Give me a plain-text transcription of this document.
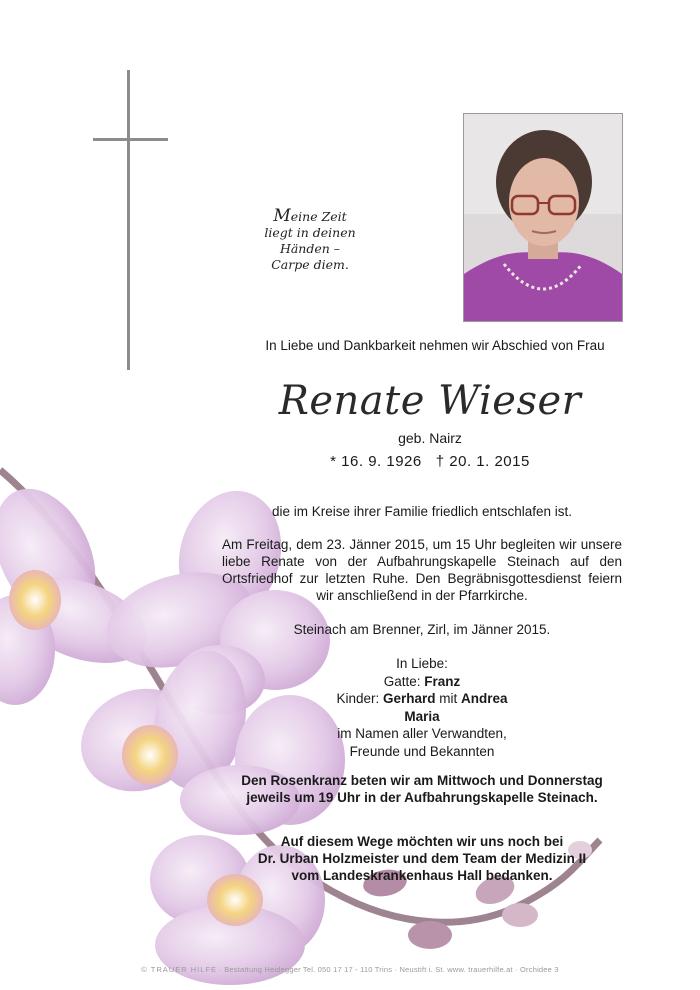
Meine Zeit
liegt in deinen Händen –
Carpe diem.
In Liebe und Dankbarkeit nehmen wir Abschied von Frau
Renate Wieser
geb. Nairz
* 16. 9. 1926   † 20. 1. 2015
die im Kreise ihrer Familie friedlich entschlafen ist.
Am Freitag, dem 23. Jänner 2015, um 15 Uhr begleiten wir unsere liebe Renate von der Aufbahrungskapelle Steinach auf den Ortsfriedhof zur letzten Ruhe. Den Begräbnisgottesdienst feiern wir anschließend in der Pfarrkirche.
Steinach am Brenner, Zirl, im Jänner 2015.
In Liebe:
Gatte: Franz
Kinder: Gerhard mit Andrea
Maria
im Namen aller Verwandten,
Freunde und Bekannten
Den Rosenkranz beten wir am Mittwoch und Donnerstag
jeweils um 19 Uhr in der Aufbahrungskapelle Steinach.
Auf diesem Wege möchten wir uns noch bei
Dr. Urban Holzmeister und dem Team der Medizin II
vom Landeskrankenhaus Hall bedanken.
© TRAUER HILFE · Bestattung Heidegger Tel. 050 17 17 - 110 Trins · Neustift i. St. www. trauerhilfe.at · Orchidee 3
